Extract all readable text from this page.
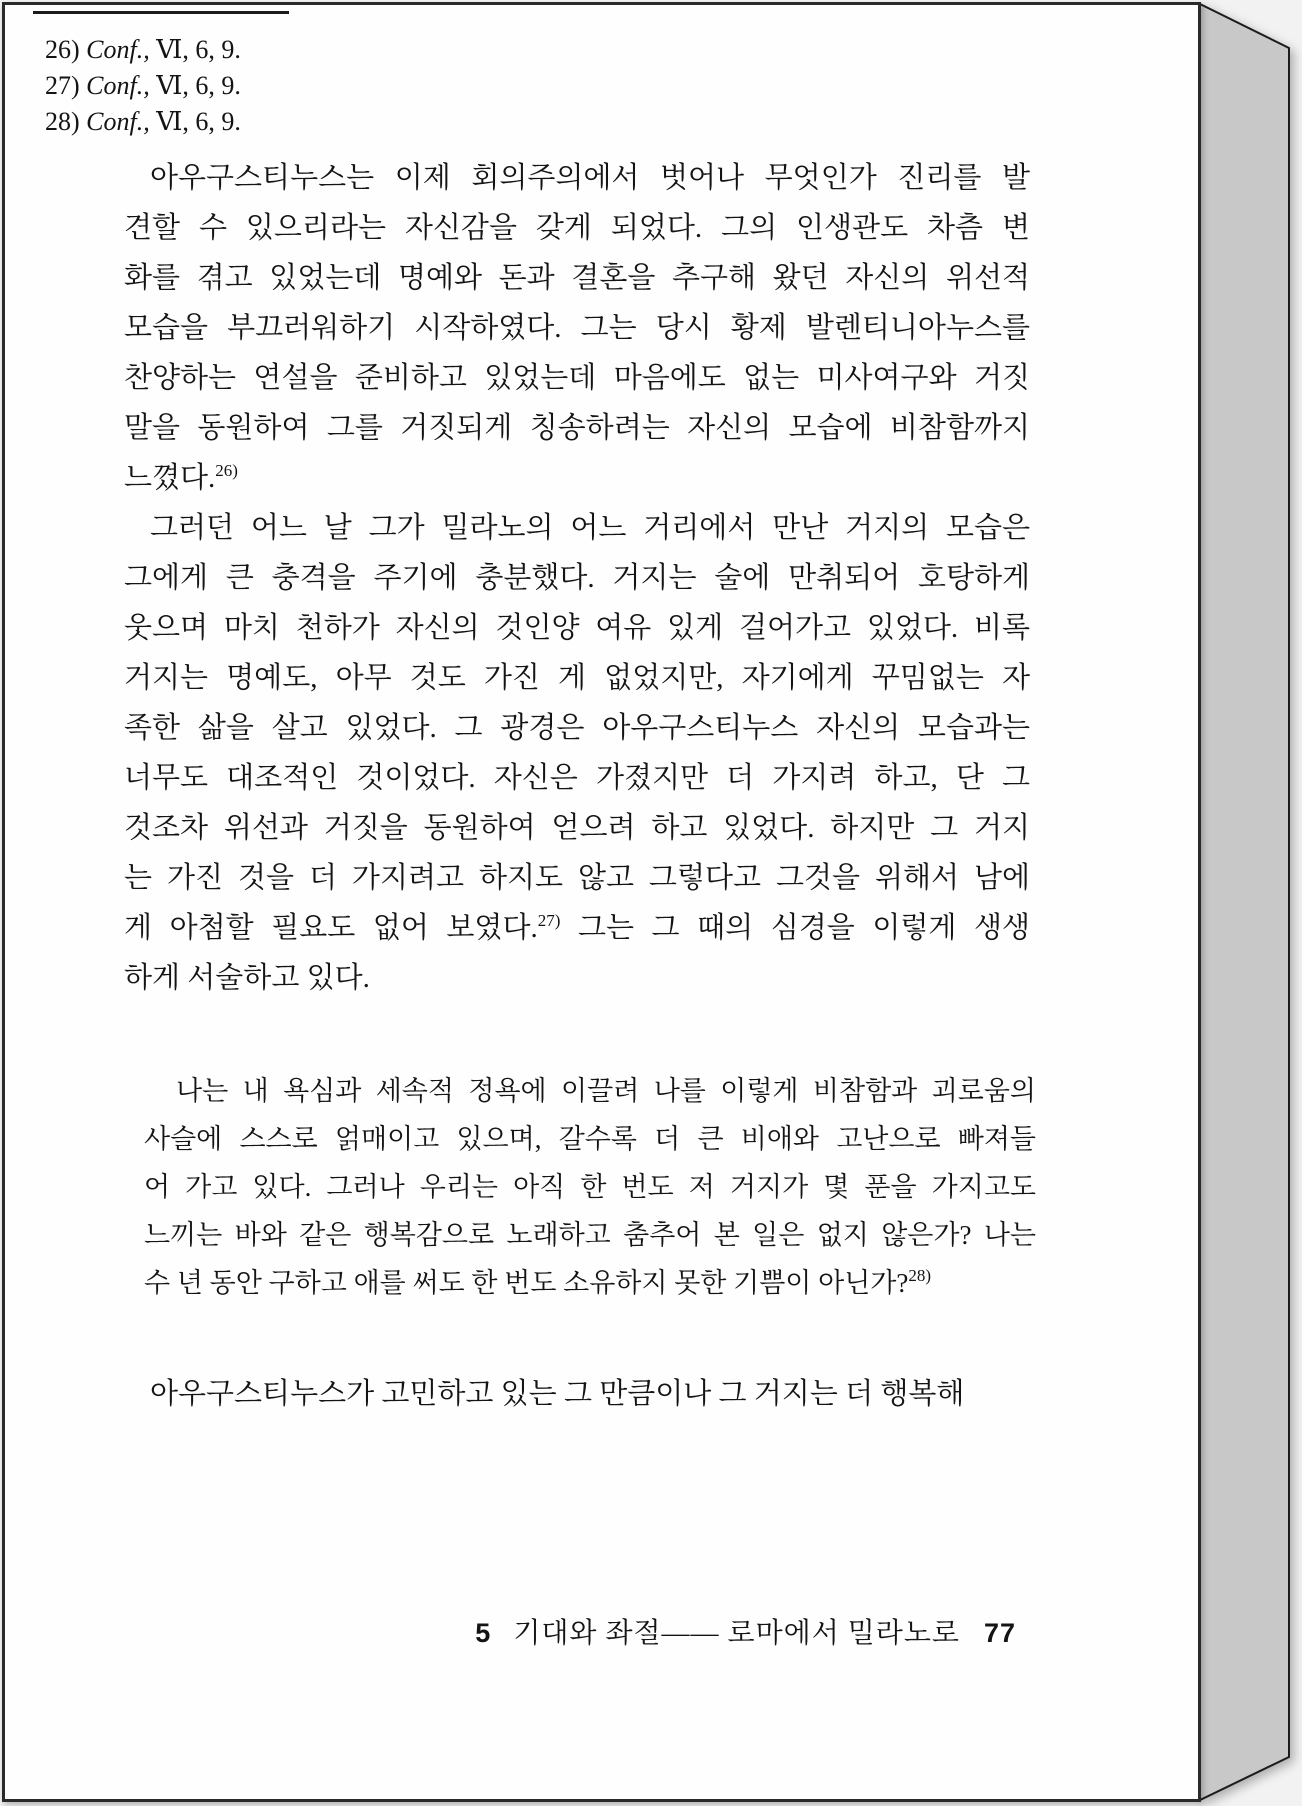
아우구스티누스는 이제 회의주의에서 벗어나 무엇인가 진리를 발
견할 수 있으리라는 자신감을 갖게 되었다. 그의 인생관도 차츰 변
화를 겪고 있었는데 명예와 돈과 결혼을 추구해 왔던 자신의 위선적
모습을 부끄러워하기 시작하였다. 그는 당시 황제 발렌티니아누스를
찬양하는 연설을 준비하고 있었는데 마음에도 없는 미사여구와 거짓
말을 동원하여 그를 거짓되게 칭송하려는 자신의 모습에 비참함까지
느꼈다.$^{26)}$
그러던 어느 날 그가 밀라노의 어느 거리에서 만난 거지의 모습은
그에게 큰 충격을 주기에 충분했다. 거지는 술에 만취되어 호탕하게
웃으며 마치 천하가 자신의 것인양 여유 있게 걸어가고 있었다. 비록
거지는 명예도, 아무 것도 가진 게 없었지만, 자기에게 꾸밈없는 자
족한 삶을 살고 있었다. 그 광경은 아우구스티누스 자신의 모습과는
너무도 대조적인 것이었다. 자신은 가졌지만 더 가지려 하고, 단 그
것조차 위선과 거짓을 동원하여 얻으려 하고 있었다. 하지만 그 거지
는 가진 것을 더 가지려고 하지도 않고 그렇다고 그것을 위해서 남에
게 아첨할 필요도 없어 보였다.$^{27)}$ 그는 그 때의 심경을 이렇게 생생
하게 서술하고 있다.
나는 내 욕심과 세속적 정욕에 이끌려 나를 이렇게 비참함과 괴로움의
사슬에 스스로 얽매이고 있으며, 갈수록 더 큰 비애와 고난으로 빠져들
어 가고 있다. 그러나 우리는 아직 한 번도 저 거지가 몇 푼을 가지고도
느끼는 바와 같은 행복감으로 노래하고 춤추어 본 일은 없지 않은가? 나는
수 년 동안 구하고 애를 써도 한 번도 소유하지 못한 기쁨이 아닌가?$^{28)}$
아우구스티누스가 고민하고 있는 그 만큼이나 그 거지는 더 행복해
26) Conf., Ⅵ, 6, 9.
27) Conf., Ⅵ, 6, 9.
28) Conf., Ⅵ, 6, 9.
5 기대와 좌절—— 로마에서 밀라노로 77
